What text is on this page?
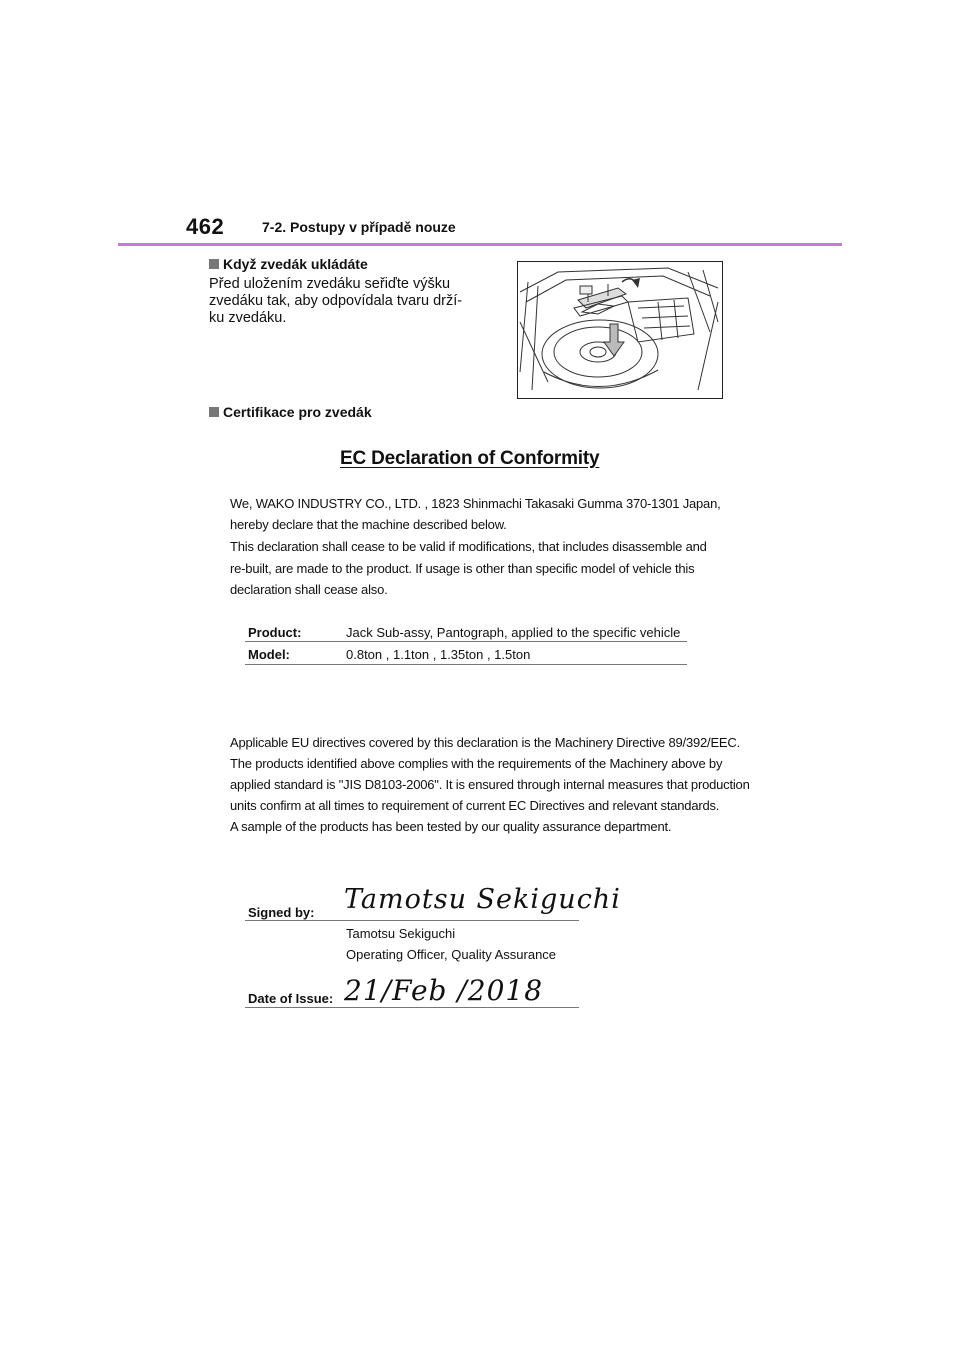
462	7-2. Postupy v případě nouze
Když zvedák ukládáte
Před uložením zvedáku seřiďte výšku
zvedáku tak, aby odpovídala tvaru drží-
ku zvedáku.
Certifikace pro zvedák
EC Declaration of Conformity
We, WAKO INDUSTRY CO., LTD. , 1823 Shinmachi Takasaki Gumma 370-1301 Japan,
hereby declare that the machine described below.
This declaration shall cease to be valid if modifications, that includes disassemble and
re-built, are made to the product. If usage is other than specific model of vehicle this
declaration shall cease also.
Product:	Jack Sub-assy, Pantograph, applied to the specific vehicle
Model:	0.8ton , 1.1ton , 1.35ton , 1.5ton
Applicable EU directives covered by this declaration is the Machinery Directive 89/392/EEC.
The products identified above complies with the requirements of the Machinery above by
applied standard is "JIS D8103-2006". It is ensured through internal measures that production
units confirm at all times to requirement of current EC Directives and relevant standards.
A sample of the products has been tested by our quality assurance department.
Signed by: Tamotsu Sekiguchi
Tamotsu Sekiguchi
Operating Officer, Quality Assurance
Date of Issue: 21/Feb /2018
